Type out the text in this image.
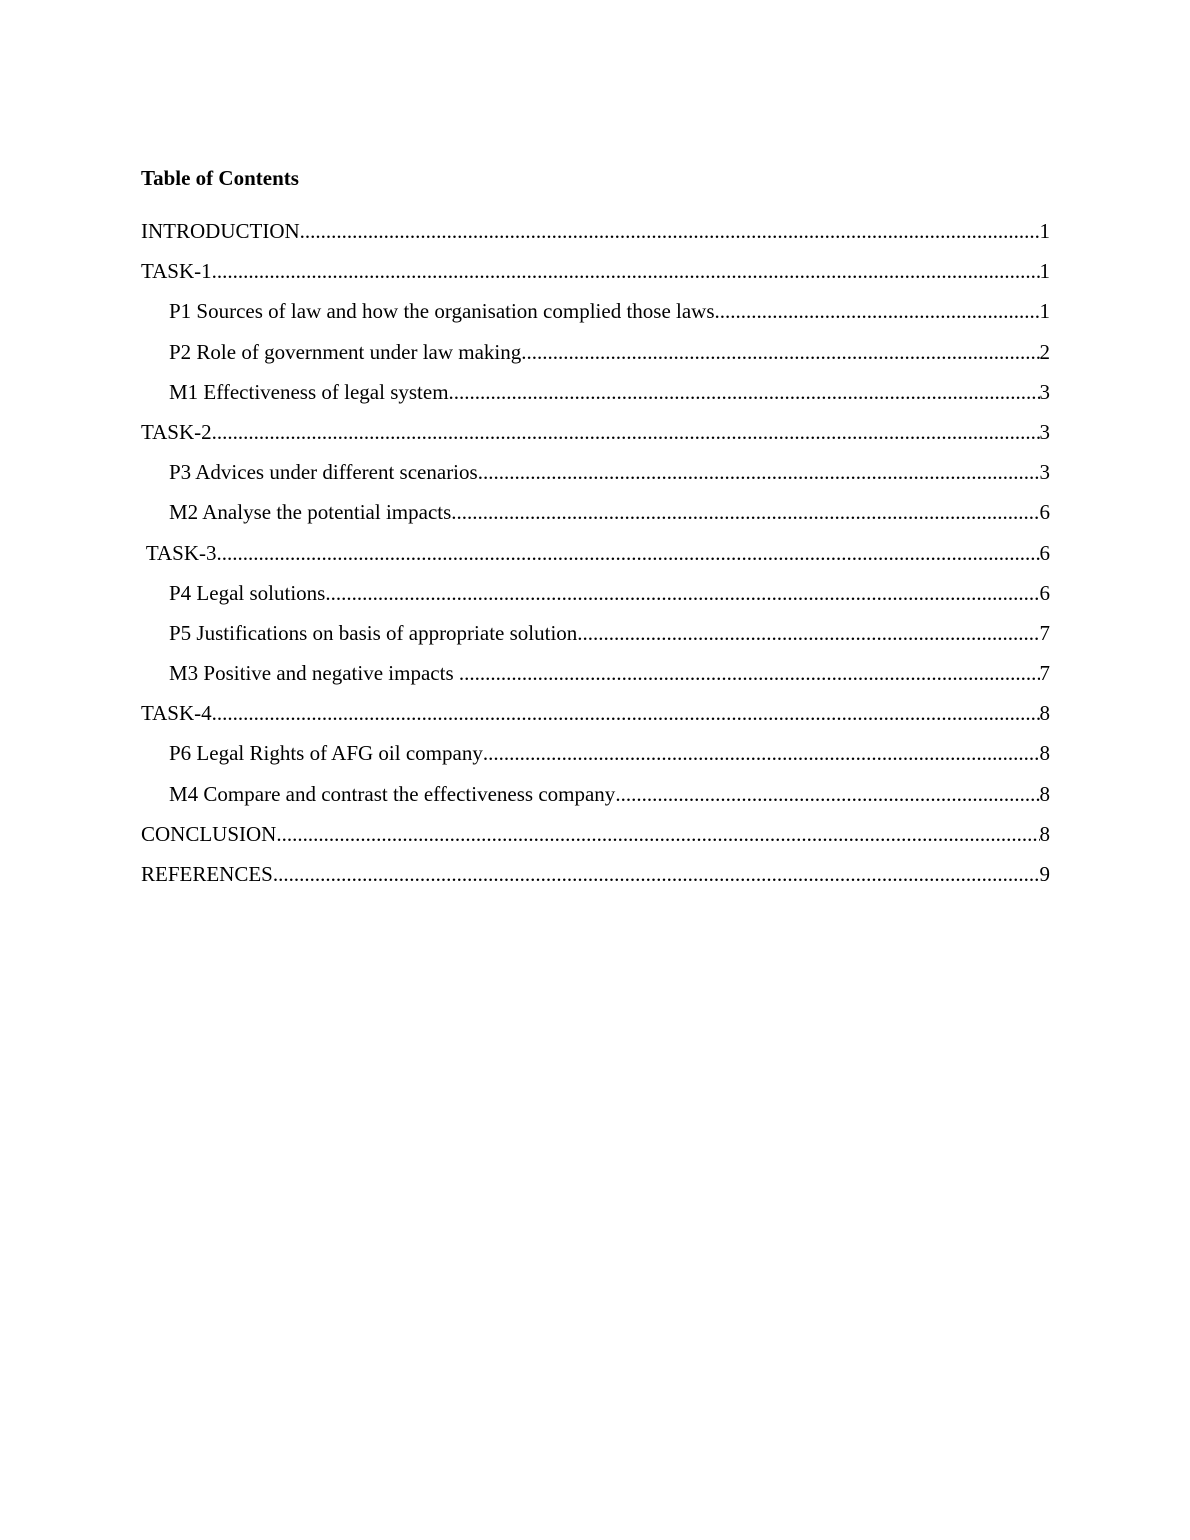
Table of Contents
INTRODUCTION .....	1
TASK-1 .....	1
P1 Sources of law and how the organisation complied those laws .....	1
P2 Role of government under law making .....	2
M1 Effectiveness of legal system .....	3
TASK-2 .....	3
P3 Advices under different scenarios .....	3
M2 Analyse the potential impacts .....	6
TASK-3 .....	6
P4 Legal solutions .....	6
P5 Justifications on basis of appropriate solution .....	7
M3 Positive and negative impacts .....	7
TASK-4 .....	8
P6 Legal Rights of AFG oil company .....	8
M4 Compare and contrast the effectiveness company .....	8
CONCLUSION .....	8
REFERENCES .....	9
